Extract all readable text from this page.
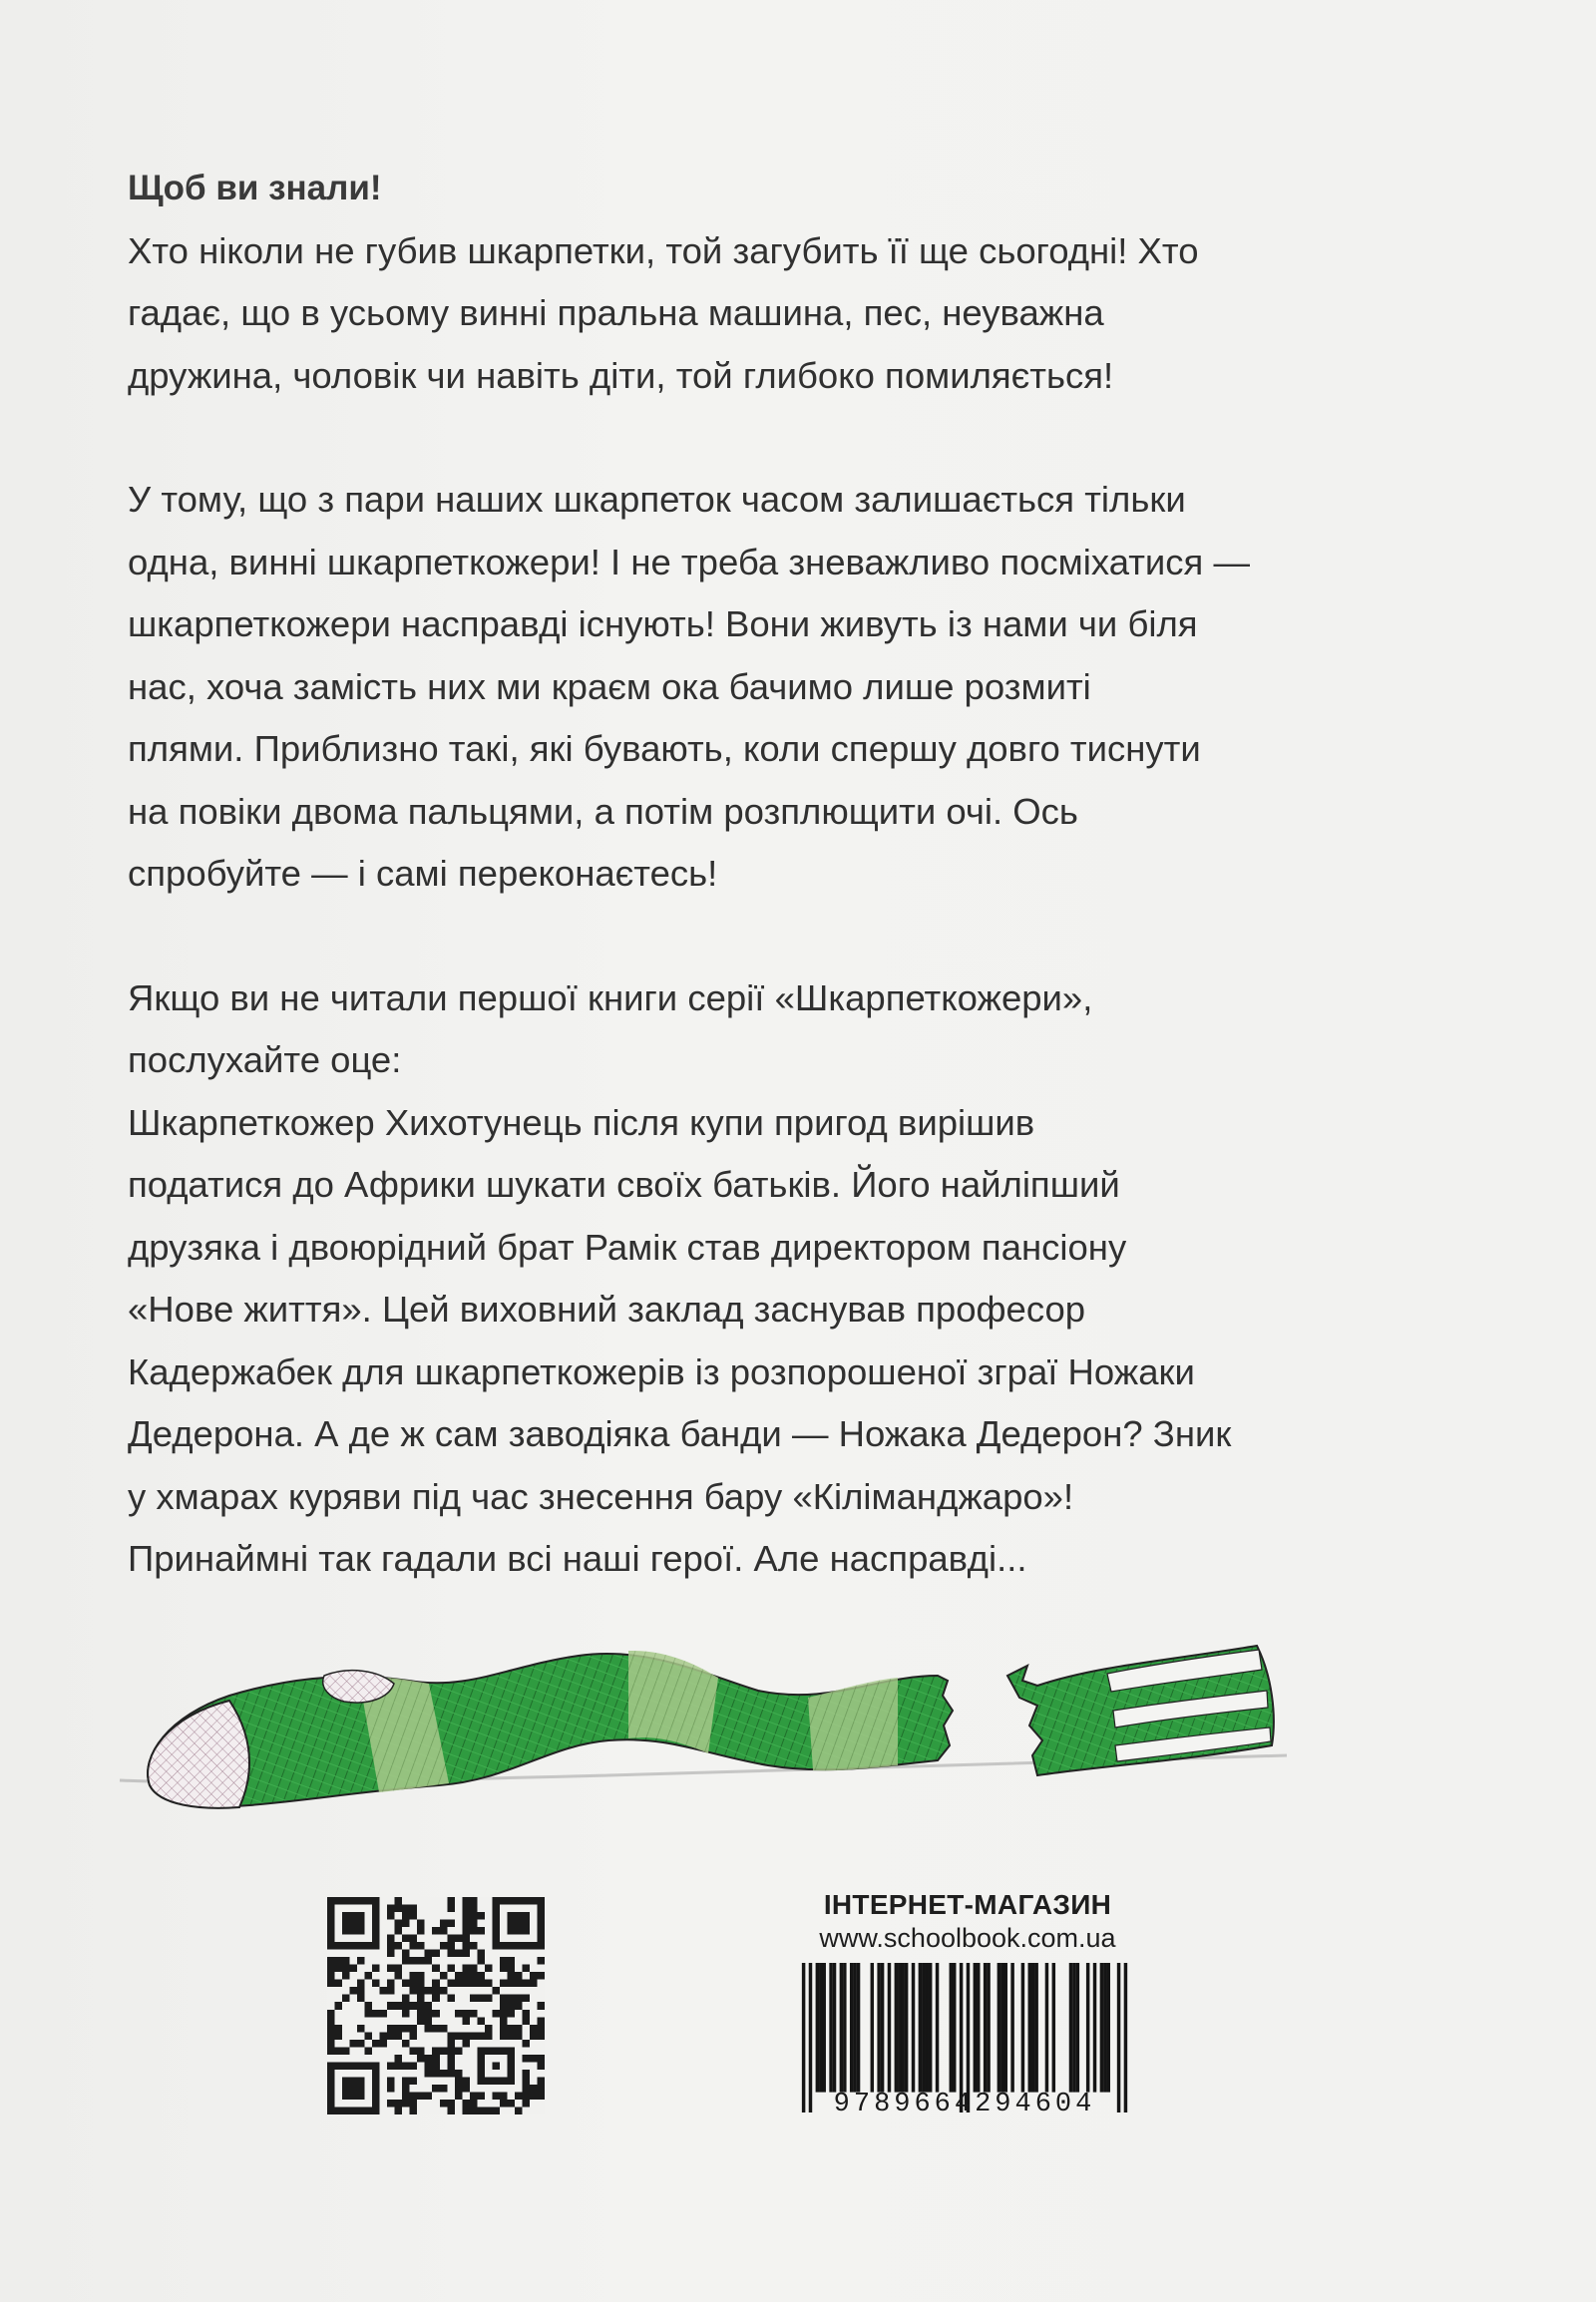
Щоб ви знали!

Хто ніколи не губив шкарпетки, той загубить її ще сьогодні! Хто
гадає, що в усьому винні пральна машина, пес, неуважна
дружина, чоловік чи навіть діти, той глибоко помиляється!

У тому, що з пари наших шкарпеток часом залишається тільки
одна, винні шкарпеткожери! І не треба зневажливо посміхатися —
шкарпеткожери насправді існують! Вони живуть із нами чи біля
нас, хоча замість них ми краєм ока бачимо лише розмиті
плями. Приблизно такі, які бувають, коли спершу довго тиснути
на повіки двома пальцями, а потім розплющити очі. Ось
спробуйте — і самі переконаєтесь!

Якщо ви не читали першої книги серії «Шкарпеткожери»,
послухайте оце:

Шкарпеткожер Хихотунець після купи пригод вирішив
податися до Африки шукати своїх батьків. Його найліпший
друзяка і двоюрідний брат Рамік став директором пансіону
«Нове життя». Цей виховний заклад заснував професор
Кадержабек для шкарпеткожерів із розпорошеної зграї Ножаки
Дедерона. А де ж сам заводіяка банди — Ножака Дедерон? Зник
у хмарах куряви під час знесення бару «Кіліманджаро»!
Принаймні так гадали всі наші герої. Але насправді...

ІНТЕРНЕТ-МАГАЗИН
www.schoolbook.com.ua
9789664294604
